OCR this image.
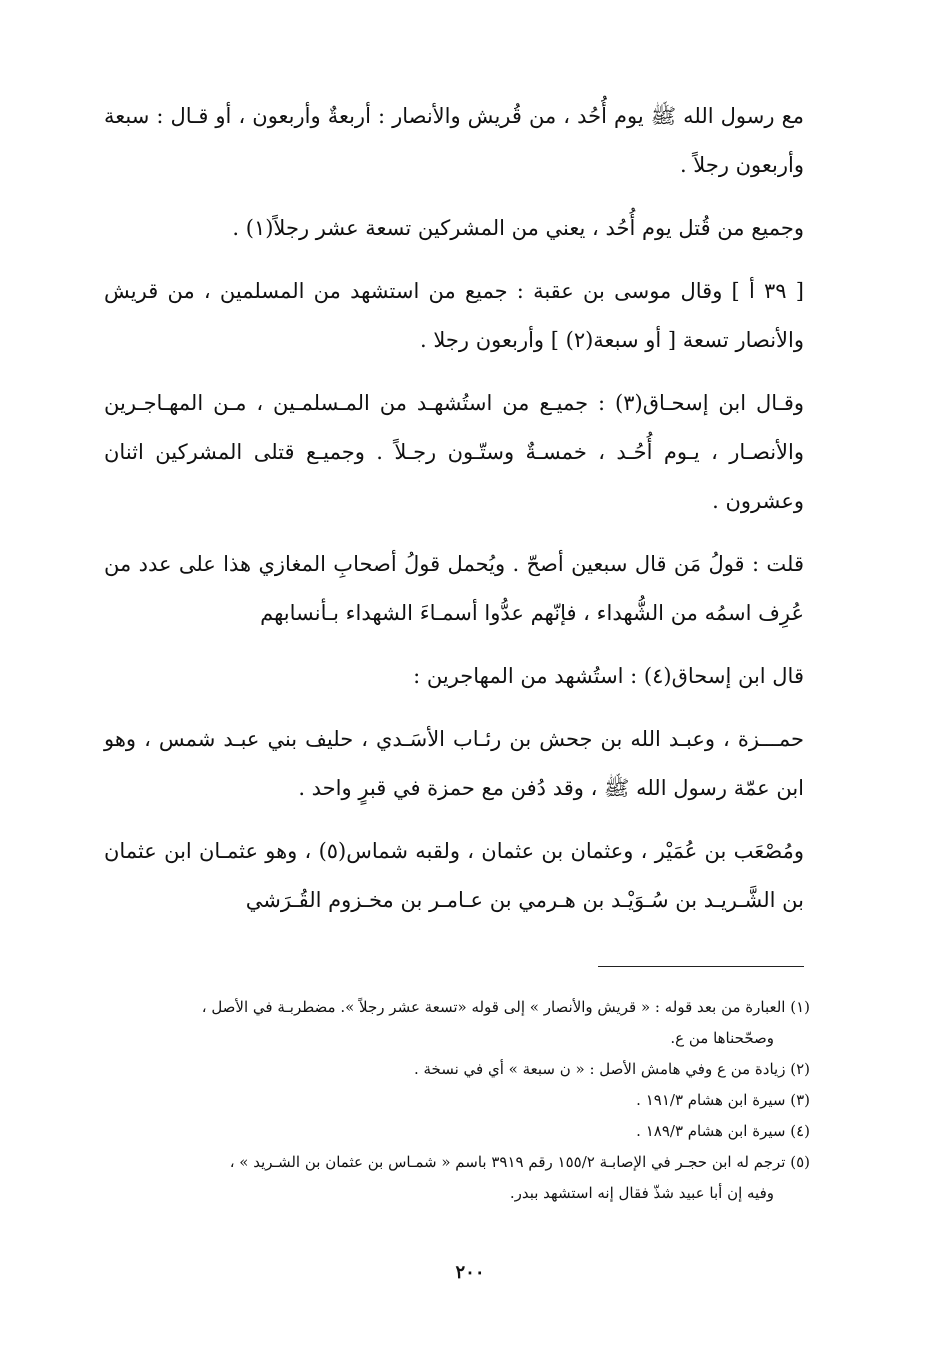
مع رسول الله ﷺ يوم أُحُد ، من قُريش والأنصار : أربعةٌ وأربعون ، أو قـال : سبعة وأربعون رجلاً .

وجميع من قُتل يوم أُحُد ، يعني من المشركين تسعة عشر رجلاً(١) .

[ ٣٩ أ ] وقال موسى بن عقبة : جميع من استشهد من المسلمين ، من قريش والأنصار تسعة [ أو سبعة(٢) ] وأربعون رجلا .

وقـال ابن إسحـاق(٣) : جميـع من استُشهـد من المـسلمـين ، مـن المهـاجـرين والأنصـار ، يـوم أُحُـد ، خمسـةٌ وستّـون رجـلاً . وجميـع قتلى المشركين اثنان وعشرون .

قلت : قولُ مَن قال سبعين أصحّ . ويُحمل قولُ أصحابِ المغازي هذا على عدد من عُرِف اسمُه من الشُّهداء ، فإنّهم عدُّوا أسمـاءَ الشهداء بـأنسابهم

قال ابن إسحاق(٤) : استُشهد من المهاجرين :

حمـــزة ، وعبـد الله بن جحش بن رئـاب الأسَـدي ، حليف بني عبـد شمس ، وهو ابن عمّة رسول الله ﷺ ، وقد دُفن مع حمزة في قبرٍ واحد .

ومُصْعَب بن عُمَيْر ، وعثمان بن عثمان ، ولقبه شماس(٥) ، وهو عثمـان ابن عثمان بن الشَّـريـد بن سُـوَيْـد بن هـرمي بن عـامـر بن مخـزوم القُـرَشي

(١) العبارة من بعد قوله : « قريش والأنصار » إلى قوله «تسعة عشر رجلاً ». مضطربـة في الأصل ،

وصحّحناها من ع.

(٢) زيادة من ع وفي هامش الأصل : « ن سبعة » أي في نسخة .

(٣) سيرة ابن هشام ١٩١/٣ .

(٤) سيرة ابن هشام ١٨٩/٣ .

(٥) ترجم له ابن حجـر في الإصابـة ١٥٥/٢ رقم ٣٩١٩ باسم « شمـاس بن عثمان بن الشـريد » ،

وفيه إن أبا عبيد شذّ فقال إنه استشهد ببدر.

٢٠٠
